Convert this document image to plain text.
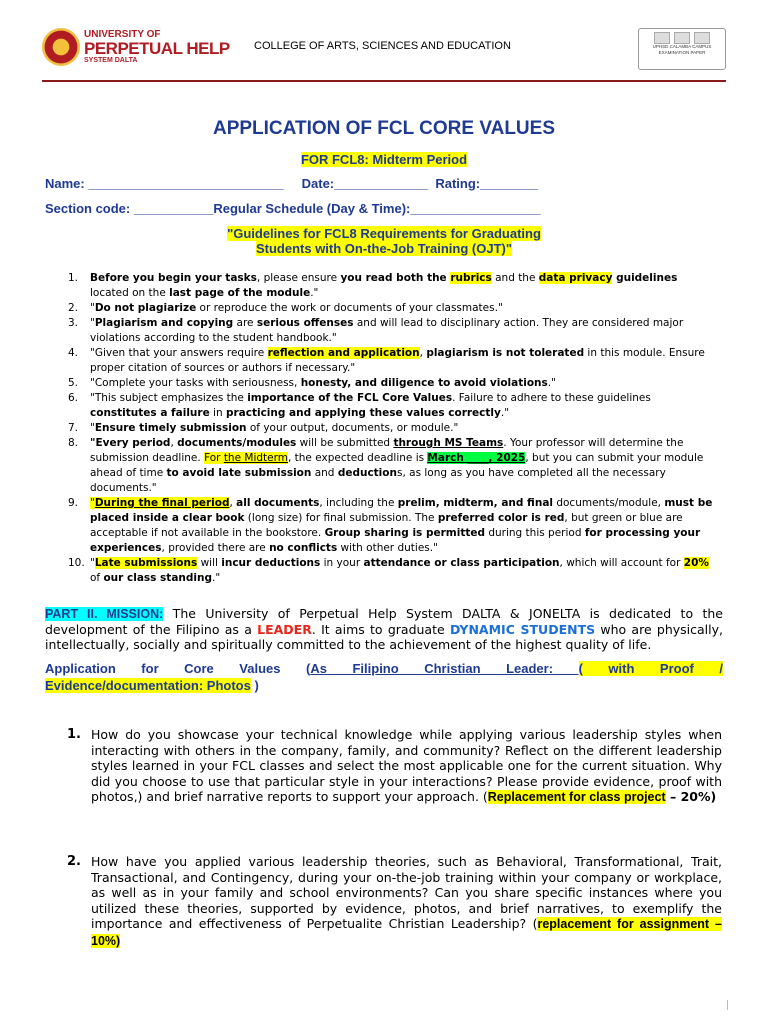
UNIVERSITY OF
PERPETUAL HELP
SYSTEM DALTA
COLLEGE OF ARTS, SCIENCES AND EDUCATION	UPHSD CALAMBA CAMPUS
EXAMINATION PAPER
APPLICATION OF FCL CORE VALUES
FOR FCL8: Midterm Period
Name: ___________________________     Date:_____________  Rating:________
Section code: ___________Regular Schedule (Day & Time):__________________
"Guidelines for FCL8 Requirements for Graduating
Students with On-the-Job Training (OJT)"
1.	Before you begin your tasks, please ensure you read both the rubrics and the data privacy guidelines located on the last page of the module."
2.	"Do not plagiarize or reproduce the work or documents of your classmates."
3.	"Plagiarism and copying are serious offenses and will lead to disciplinary action. They are considered major violations according to the student handbook."
4.	"Given that your answers require reflection and application, plagiarism is not tolerated in this module. Ensure proper citation of sources or authors if necessary."
5.	"Complete your tasks with seriousness, honesty, and diligence to avoid violations."
6.	"This subject emphasizes the importance of the FCL Core Values. Failure to adhere to these guidelines constitutes a failure in practicing and applying these values correctly."
7.	"Ensure timely submission of your output, documents, or module."
8.	"Every period, documents/modules will be submitted through MS Teams. Your professor will determine the submission deadline. For the Midterm, the expected deadline is March ____, 2025, but you can submit your module ahead of time to avoid late submission and deductions, as long as you have completed all the necessary documents."
9.	"During the final period, all documents, including the prelim, midterm, and final documents/module, must be placed inside a clear book (long size) for final submission. The preferred color is red, but green or blue are acceptable if not available in the bookstore. Group sharing is permitted during this period for processing your experiences, provided there are no conflicts with other duties."
10. "Late submissions will incur deductions in your attendance or class participation, which will account for 20% of our class standing."
PART II. MISSION: The University of Perpetual Help System DALTA & JONELTA is dedicated to the development of the Filipino as a LEADER. It aims to graduate DYNAMIC STUDENTS who are physically, intellectually, socially and spiritually committed to the achievement of the highest quality of life.
Application for Core Values (As Filipino Christian Leader: ( with Proof /
Evidence/documentation: Photos )
1. How do you showcase your technical knowledge while applying various leadership styles when interacting with others in the company, family, and community? Reflect on the different leadership styles learned in your FCL classes and select the most applicable one for the current situation. Why did you choose to use that particular style in your interactions? Please provide evidence, proof with photos,) and brief narrative reports to support your approach. (Replacement for class project – 20%)
2. How have you applied various leadership theories, such as Behavioral, Transformational, Trait, Transactional, and Contingency, during your on-the-job training within your company or workplace, as well as in your family and school environments? Can you share specific instances where you utilized these theories, supported by evidence, photos, and brief narratives, to exemplify the importance and effectiveness of Perpetualite Christian Leadership? (replacement for assignment – 10%)
